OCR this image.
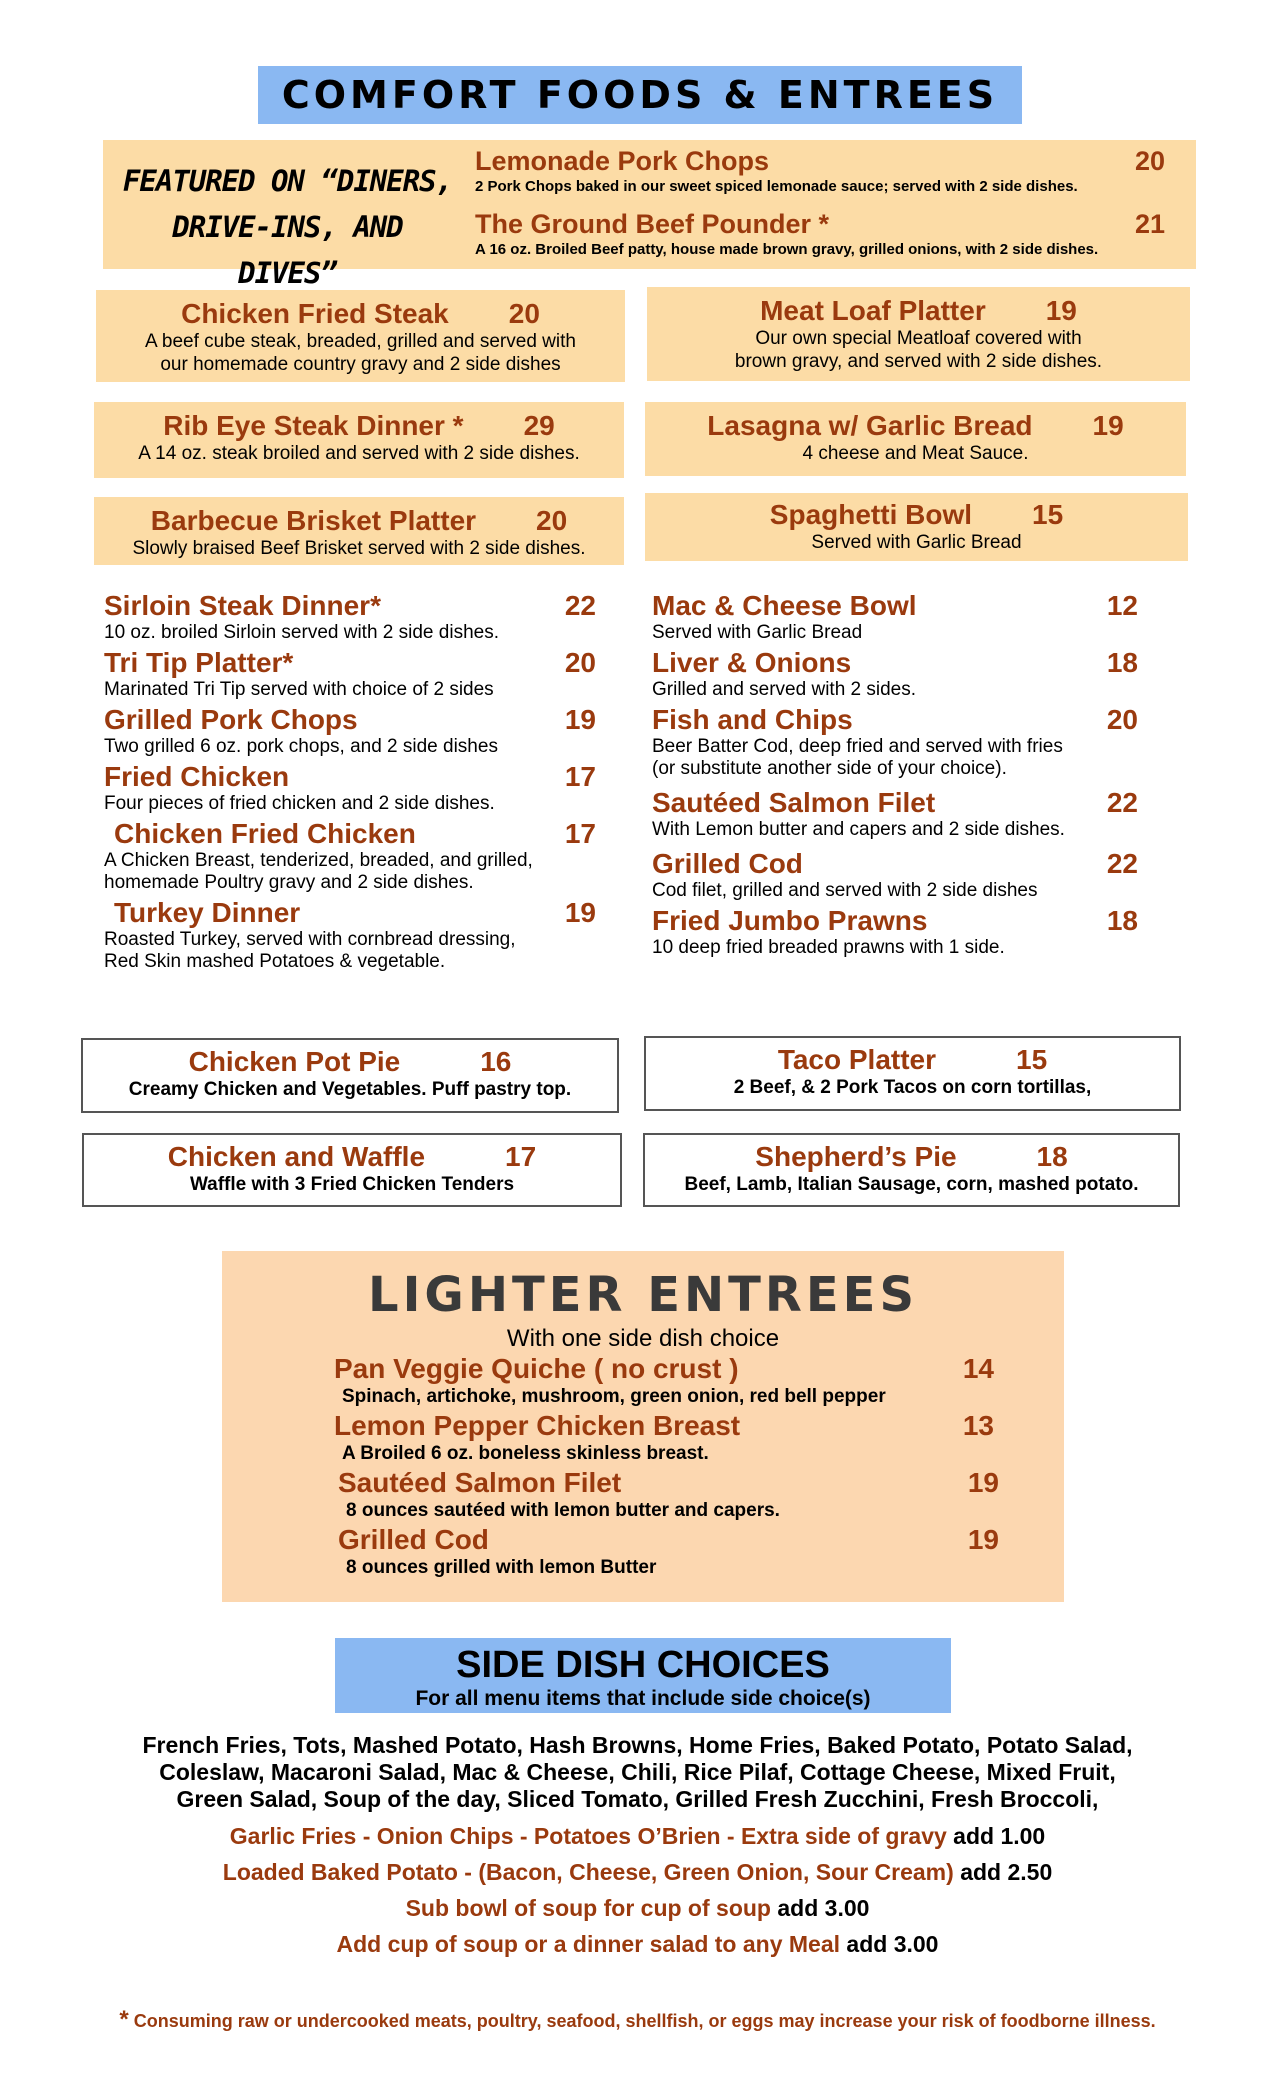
COMFORT FOODS & ENTREES
FEATURED ON “DINERS,
DRIVE-INS, AND DIVES”
Lemonade Pork Chops	20
2 Pork Chops baked in our sweet spiced lemonade sauce; served with 2 side dishes.
The Ground Beef Pounder *	21
A 16 oz. Broiled Beef patty, house made brown gravy, grilled onions, with 2 side dishes.
Chicken Fried Steak 20
A beef cube steak, breaded, grilled and served with
our homemade country gravy and 2 side dishes
Rib Eye Steak Dinner * 29
A 14 oz. steak broiled and served with 2 side dishes.
Barbecue Brisket Platter 20
Slowly braised Beef Brisket served with 2 side dishes.
Meat Loaf Platter 19
Our own special Meatloaf covered with
brown gravy, and served with 2 side dishes.
Lasagna w/ Garlic Bread 19
4 cheese and Meat Sauce.
Spaghetti Bowl 15
Served with Garlic Bread
Sirloin Steak Dinner*	22
10 oz. broiled Sirloin served with 2 side dishes.
Tri Tip Platter*	20
Marinated Tri Tip served with choice of 2 sides
Grilled Pork Chops	19
Two grilled 6 oz. pork chops, and 2 side dishes
Fried Chicken	17
Four pieces of fried chicken and 2 side dishes.
Chicken Fried Chicken	17
A Chicken Breast, tenderized, breaded, and grilled,
homemade Poultry gravy and 2 side dishes.
Turkey Dinner	19
Roasted Turkey, served with cornbread dressing,
Red Skin mashed Potatoes & vegetable.
Mac & Cheese Bowl	12
Served with Garlic Bread
Liver & Onions	18
Grilled and served with 2 sides.
Fish and Chips	20
Beer Batter Cod, deep fried and served with fries
(or substitute another side of your choice).
Sautéed Salmon Filet	22
With Lemon butter and capers and 2 side dishes.
Grilled Cod	22
Cod filet, grilled and served with 2 side dishes
Fried Jumbo Prawns	18
10 deep fried breaded prawns with 1 side.
Chicken Pot Pie	16
Creamy Chicken and Vegetables. Puff pastry top.
Taco Platter	15
2 Beef, & 2 Pork Tacos on corn tortillas,
Chicken and Waffle	17
Waffle with 3 Fried Chicken Tenders
Shepherd’s Pie	18
Beef, Lamb, Italian Sausage, corn, mashed potato.
LIGHTER ENTREES
With one side dish choice
Pan Veggie Quiche ( no crust )	14
Spinach, artichoke, mushroom, green onion, red bell pepper
Lemon Pepper Chicken Breast	13
A Broiled 6 oz. boneless skinless breast.
Sautéed Salmon Filet	19
8 ounces sautéed with lemon butter and capers.
Grilled Cod	19
8 ounces grilled with lemon Butter
SIDE DISH CHOICES
For all menu items that include side choice(s)
French Fries, Tots, Mashed Potato, Hash Browns, Home Fries, Baked Potato, Potato Salad,
Coleslaw, Macaroni Salad, Mac & Cheese, Chili, Rice Pilaf, Cottage Cheese, Mixed Fruit,
Green Salad, Soup of the day, Sliced Tomato, Grilled Fresh Zucchini, Fresh Broccoli,
Garlic Fries - Onion Chips - Potatoes O’Brien - Extra side of gravy add 1.00
Loaded Baked Potato - (Bacon, Cheese, Green Onion, Sour Cream) add 2.50
Sub bowl of soup for cup of soup add 3.00
Add cup of soup or a dinner salad to any Meal add 3.00
* Consuming raw or undercooked meats, poultry, seafood, shellfish, or eggs may increase your risk of foodborne illness.
